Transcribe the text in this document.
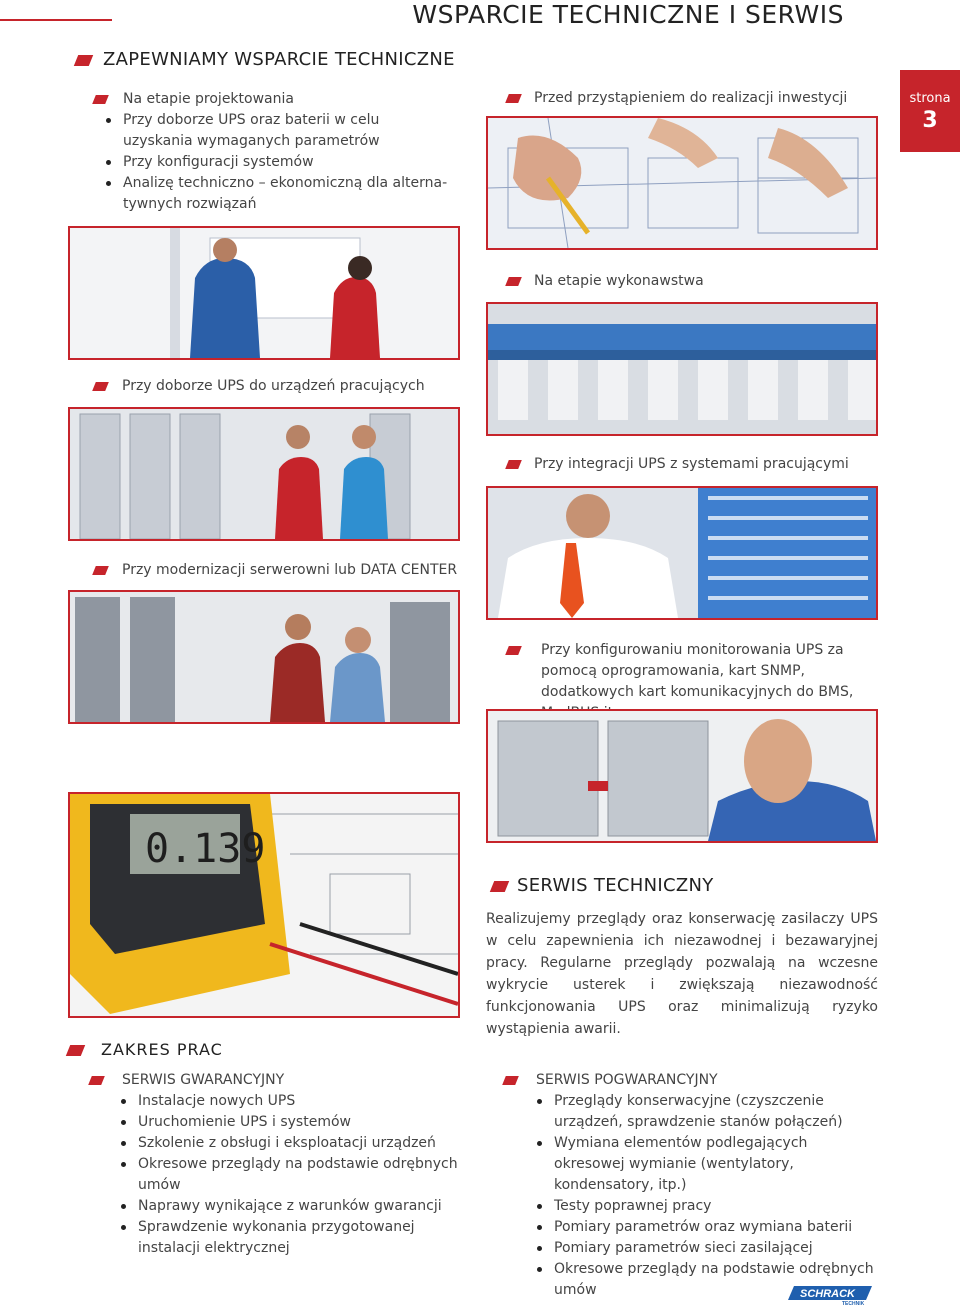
WSPARCIE TECHNICZNE I SERWIS
strona
3
ZAPEWNIAMY WSPARCIE TECHNICZNE
Na etapie projektowania
Przy doborze UPS oraz baterii w celu uzyskania wymaganych parametrów
Przy konfiguracji systemów
Analizę techniczno – ekonomiczną dla alterna-tywnych rozwiązań
Przed przystąpieniem do realizacji inwestycji
Na etapie wykonawstwa
Przy doborze UPS do urządzeń pracujących
Przy integracji UPS z systemami pracującymi
Przy modernizacji serwerowni lub DATA CENTER
Przy konfigurowaniu monitorowania UPS za pomocą oprogramowania, kart SNMP, dodatkowych kart komunikacyjnych do BMS,
0.139
SERWIS TECHNICZNY
Realizujemy przeglądy oraz konserwację zasilaczy UPS w celu zapewnienia ich niezawodnej i bezawaryjnej pracy. Regularne przeglądy pozwalają na wczesne wykrycie usterek i zwiększają niezawodność funkcjonowania UPS oraz minimalizują ryzyko wystąpienia awarii.
ZAKRES PRAC
SERWIS GWARANCYJNY
Instalacje nowych UPS
Uruchomienie UPS i systemów
Szkolenie z obsługi i eksploatacji urządzeń
Okresowe przeglądy na podstawie odrębnych umów
Naprawy wynikające z warunków gwarancji
Sprawdzenie wykonania przygotowanej instalacji elektrycznej
SERWIS POGWARANCYJNY
Przeglądy konserwacyjne (czyszczenie urządzeń, sprawdzenie stanów połączeń)
Wymiana elementów podlegających okresowej wymianie (wentylatory, kondensatory, itp.)
Testy poprawnej pracy
Pomiary parametrów oraz wymiana baterii
Pomiary parametrów sieci zasilającej
Okresowe przeglądy na podstawie odrębnych umów	SCHRACK
TECHNIK
